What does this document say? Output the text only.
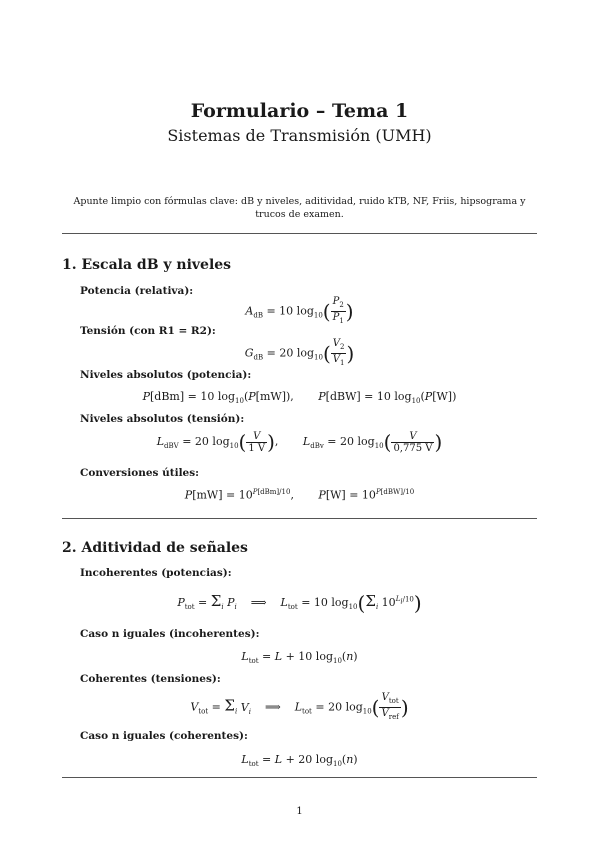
Formulario – Tema 1
Sistemas de Transmisión (UMH)
Apunte limpio con fórmulas clave: dB y niveles, aditividad, ruido kTB, NF, Friis, hipsograma y trucos de examen.
1. Escala dB y niveles
Potencia (relativa):
$A_{dB} = 10$ $\log_{10}( \frac{P_2}{P_1}$ )
Tensión (con R1 = R2):
$G_{dB} = 20$ $\log_{10}( \frac{V_2}{V_1}$ )
Niveles absolutos (potencia):
P[dBm] = 10 $\log_{10}(P[mW])$,       P[dBW] = 10 $\log_{10}(P[W])$
Niveles absolutos (tensión):
$L_{dBV} = 20$ $\log_{10}( \frac{V}{1 V}$ ),       $L_{dBv} = 20$ $\log_{10}( \frac{V}{0,775 V}$ )
Conversiones útiles:
$P[mW] = 10^{P[dBm]/10}$,       $P[W] = 10^{P[dBW]/10}$
2. Aditividad de señales
Incoherentes (potencias):
$P_{tot} = \Sigma_i$ $P_i$    ⟹    $L_{tot} = 10$ $\log_{10}(\Sigma_i$ $10^{L_i/10}$)
Caso n iguales (incoherentes):
$L_{tot} = L + 10$ $\log_{10}(n)$
Coherentes (tensiones):
$V_{tot} = \Sigma_i$ $V_i$    ⟹    $L_{tot} = 20$ $\log_{10}( \frac{V_{tot}}{V_{ref}}$ )
Caso n iguales (coherentes):
$L_{tot} = L + 20$ $\log_{10}(n)$
1
